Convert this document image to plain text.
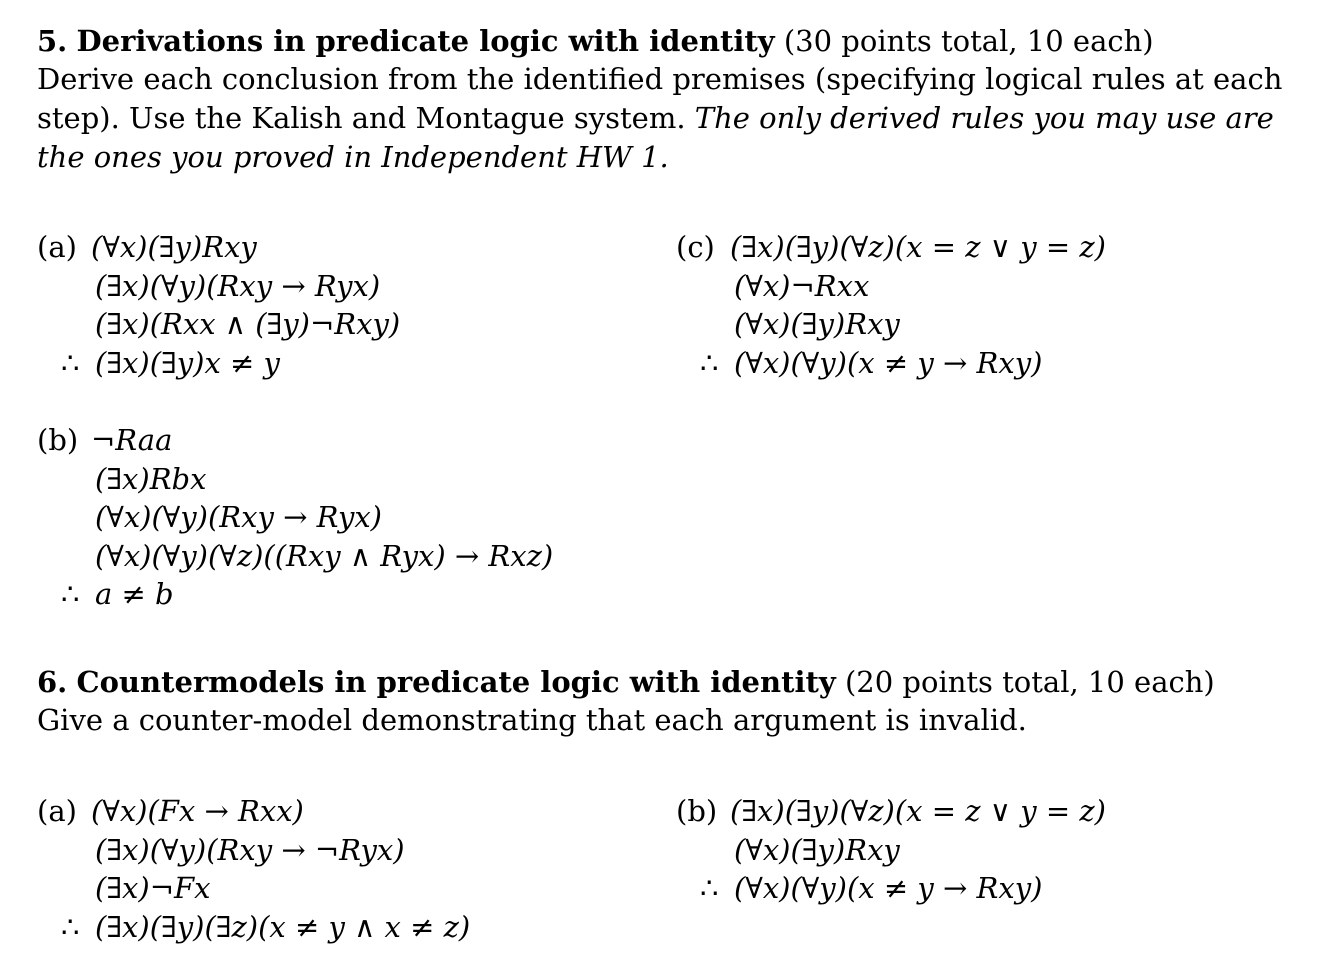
5. Derivations in predicate logic with identity (30 points total, 10 each)
Derive each conclusion from the identified premises (specifying logical rules at each step). Use the Kalish and Montague system. The only derived rules you may use are the ones you proved in Independent HW 1.
(a) (∀x)(∃y)Rxy
(∃x)(∀y)(Rxy → Ryx)
(∃x)(Rxx ∧ (∃y)¬Rxy)
∴ (∃x)(∃y)x ≠ y
(c) (∃x)(∃y)(∀z)(x = z ∨ y = z)
(∀x)¬Rxx
(∀x)(∃y)Rxy
∴ (∀x)(∀y)(x ≠ y → Rxy)
(b) ¬Raa
(∃x)Rbx
(∀x)(∀y)(Rxy → Ryx)
(∀x)(∀y)(∀z)((Rxy ∧ Ryx) → Rxz)
∴ a ≠ b
6. Countermodels in predicate logic with identity (20 points total, 10 each)
Give a counter-model demonstrating that each argument is invalid.
(a) (∀x)(Fx → Rxx)
(∃x)(∀y)(Rxy → ¬Ryx)
(∃x)¬Fx
∴ (∃x)(∃y)(∃z)(x ≠ y ∧ x ≠ z)
(b) (∃x)(∃y)(∀z)(x = z ∨ y = z)
(∀x)(∃y)Rxy
∴ (∀x)(∀y)(x ≠ y → Rxy)
